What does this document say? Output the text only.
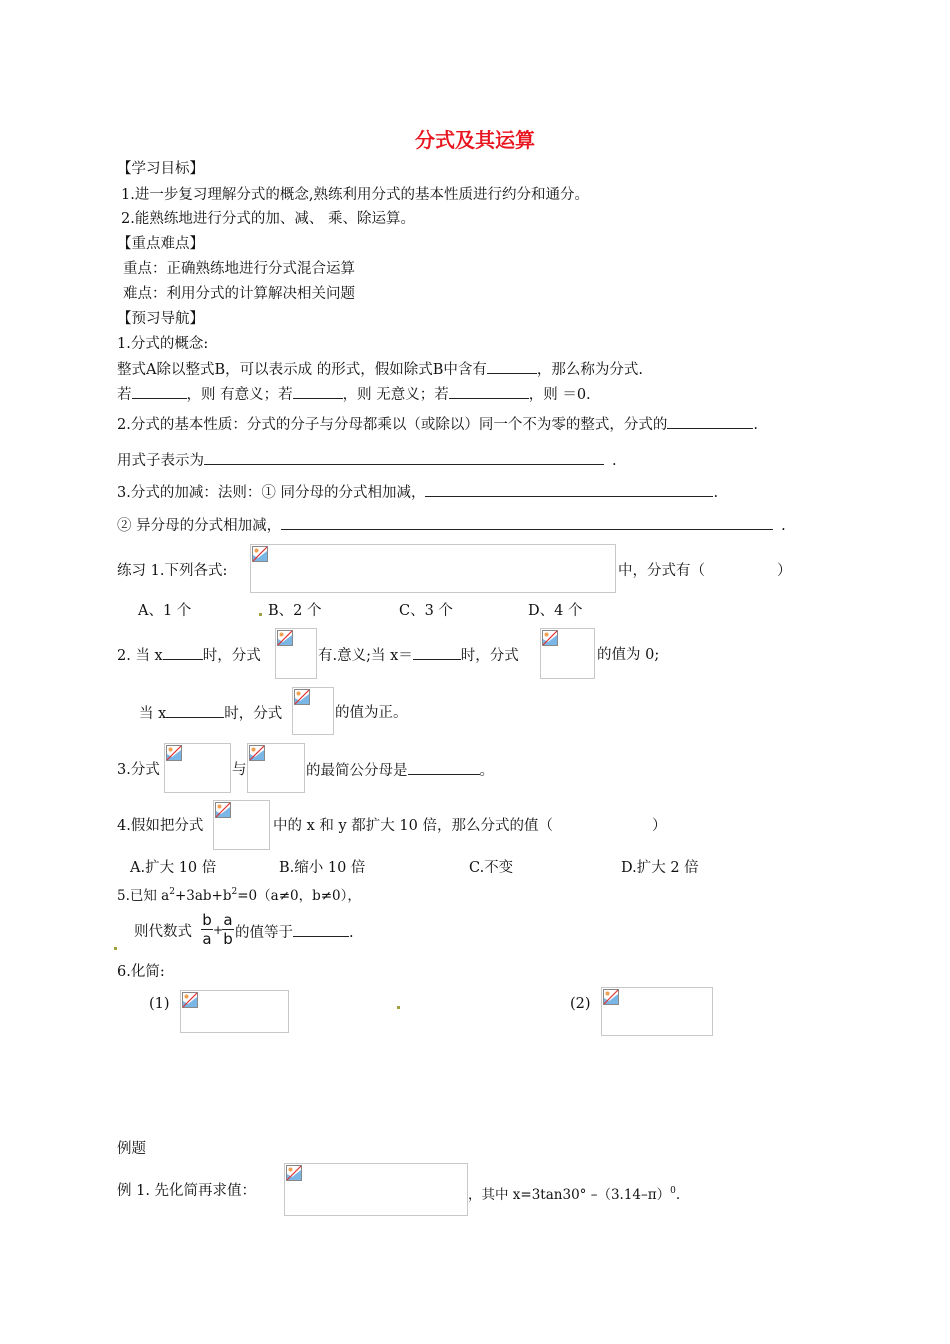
分式及其运算
【学习目标】
1.进一步复习理解分式的概念,熟练利用分式的基本性质进行约分和通分。
2.能熟练地进行分式的加、减、 乘、除运算。
【重点难点】
重点：正确熟练地进行分式混合运算
难点：利用分式的计算解决相关问题
【预习导航】
1.分式的概念:
整式A除以整式B，可以表示成 的形式，假如除式B中含有	，那么称为分式.
若	，则 有意义；若	，则 无意义；若	，则 ＝0.
2.分式的基本性质：分式的分子与分母都乘以（或除以）同一个不为零的整式，分式的	.
用式子表示为	.
3.分式的加减：法则：① 同分母的分式相加减，	.
② 异分母的分式相加减，	.
练习 1.下列各式:	中，分式有（	）
A、1 个	B、2 个	C、3 个	D、4 个
2. 当 x	时，分式	有.意义;当 x＝	时，分式	的值为 0;
当 x	时，分式	的值为正。
3.分式	与	的最简公分母是	。
4.假如把分式	中的 x 和 y 都扩大 10 倍，那么分式的值（	）
A.扩大 10 倍	B.缩小 10 倍	C.不变	D.扩大 2 倍
5.已知 $a^2+3ab+b^2=0(a\ne 0$，b≠0），
则代数式
b
a +
a
b 的值等于	.
6.化简:
(1)	(2)
例题
例 1. 先化简再求值：	，其中 x=3tan30° $-(3.14-\pi)^0$.
